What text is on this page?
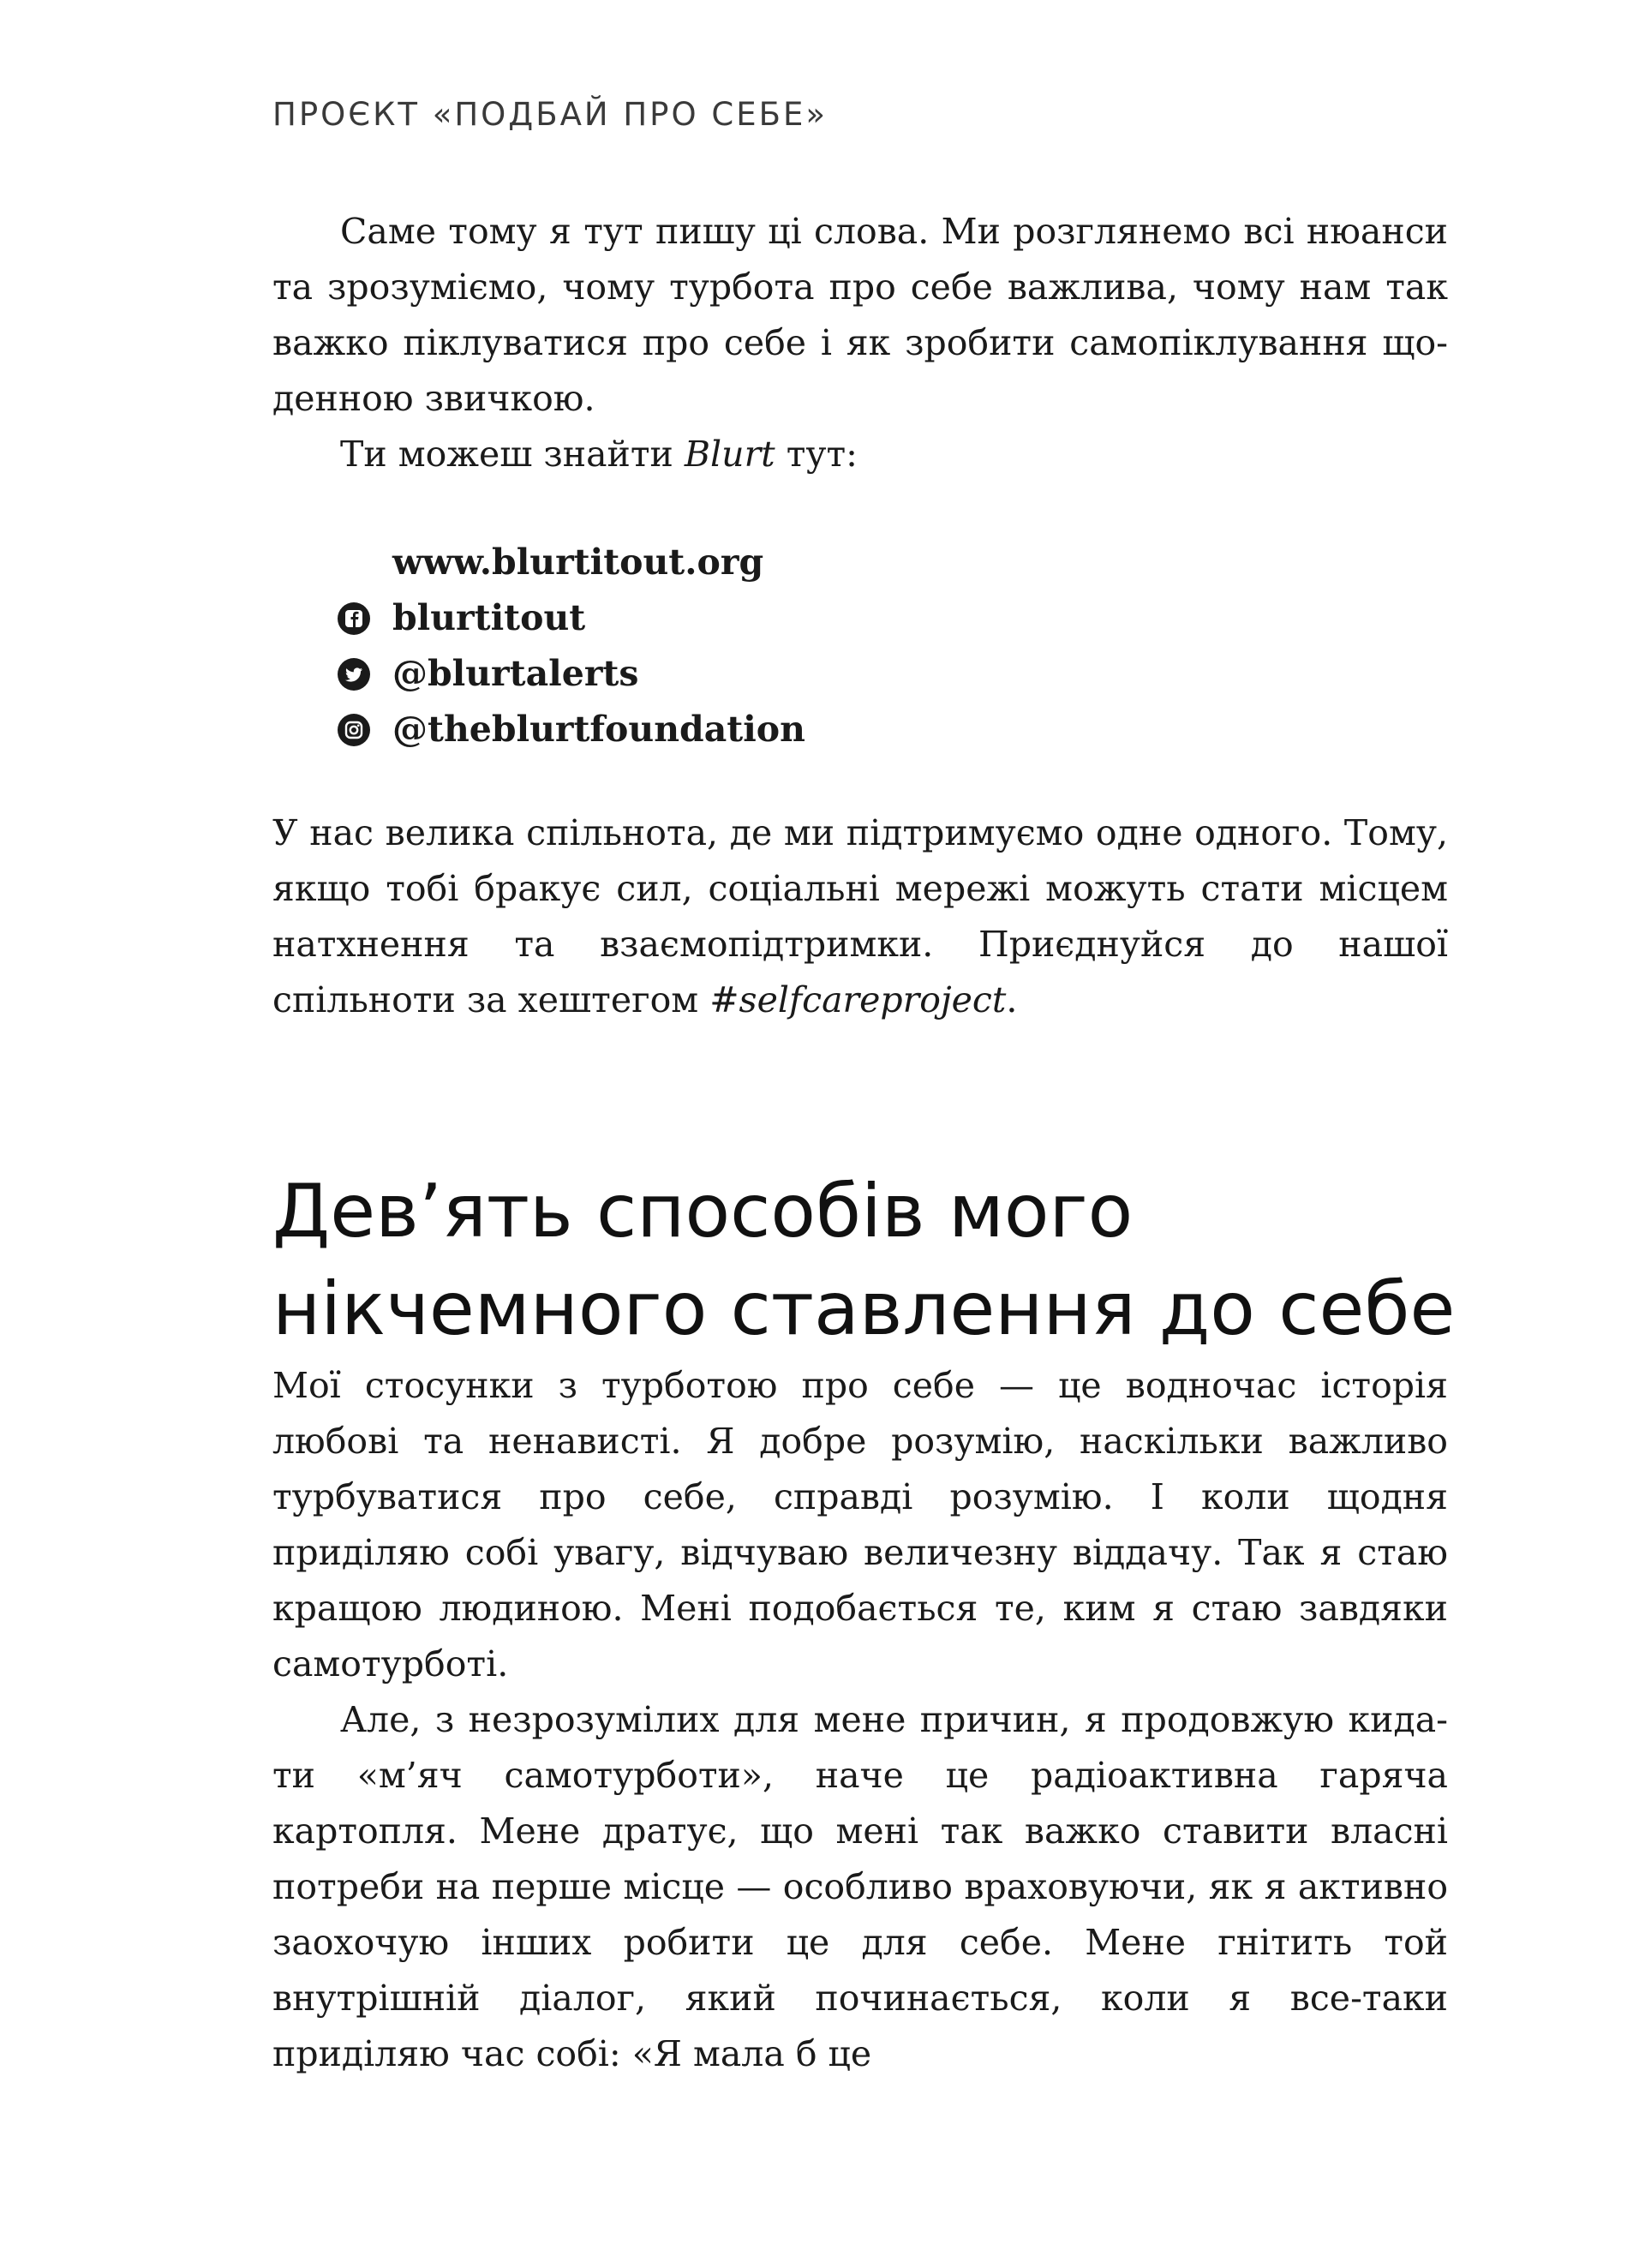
ПРОЄКТ «ПОДБАЙ ПРО СЕБЕ»

Саме тому я тут пишу ці слова. Ми розглянемо всі нюанси та зрозуміємо, чому турбота про себе важлива, чому нам так важко піклуватися про себе і як зробити самопіклування щоденною звичкою.

Ти можеш знайти Blurt тут:

www.blurtitout.org
blurtitout
@blurtalerts
@theblurtfoundation

У нас велика спільнота, де ми підтримуємо одне одного. Тому, якщо тобі бракує сил, соціальні мережі можуть стати місцем натхнення та взаємопідтримки. Приєднуйся до нашої спільноти за хештегом #selfcareproject.

Дев’ять способів мого
нікчемного ставлення до себе

Мої стосунки з турботою про себе — це водночас історія любові та ненависті. Я добре розумію, наскільки важливо турбуватися про себе, справді розумію. І коли щодня приділяю собі увагу, відчуваю величезну віддачу. Так я стаю кращою людиною. Мені подобається те, ким я стаю завдяки самотурботі.

Але, з незрозумілих для мене причин, я продовжую кидати «м’яч самотурботи», наче це радіоактивна гаряча картопля. Мене дратує, що мені так важко ставити власні потреби на перше місце — особливо враховуючи, як я активно заохочую інших робити це для себе. Мене гнітить той внутрішній діалог, який починається, коли я все-таки приділяю час собі: «Я мала б це
